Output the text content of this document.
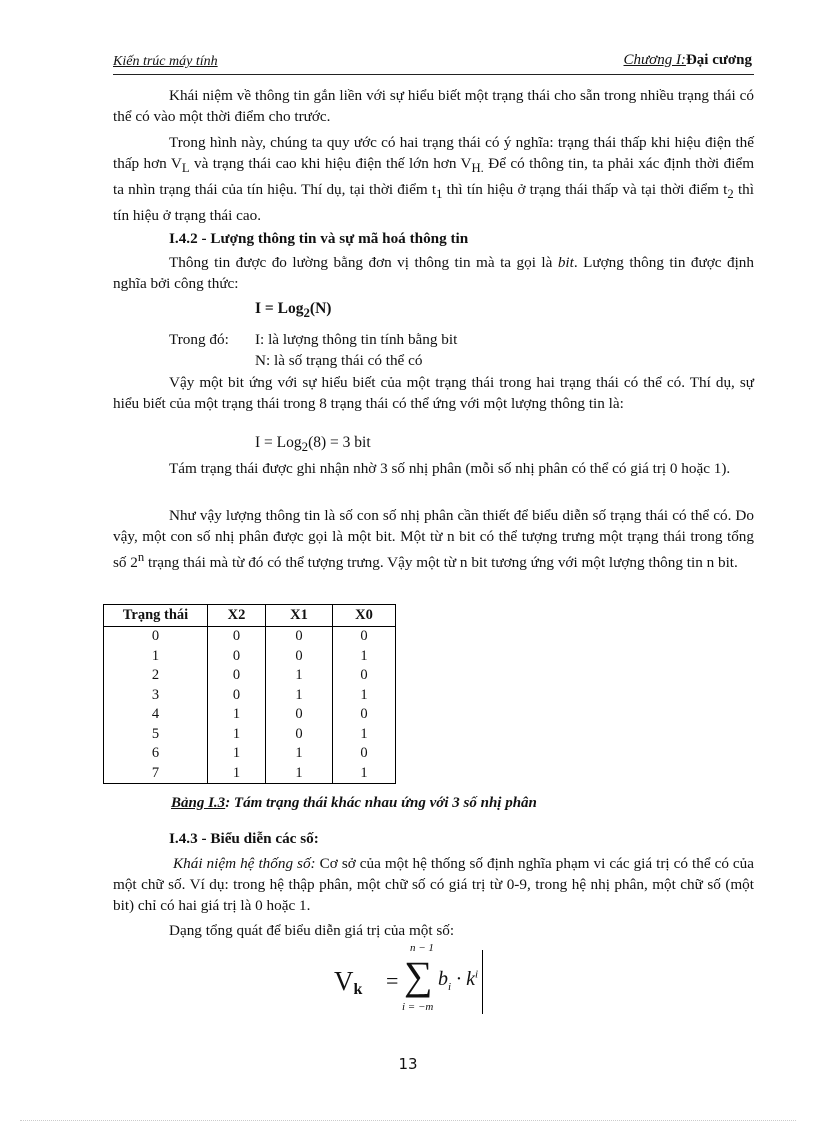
Kiến trúc máy tính	Chương I:Đại cương

Khái niệm về thông tin gắn liền với sự hiểu biết một trạng thái cho sẵn trong nhiều trạng thái có thể có vào một thời điểm cho trước.

Trong hình này, chúng ta quy ước có hai trạng thái có ý nghĩa: trạng thái thấp khi hiệu điện thế thấp hơn $V_L$ và trạng thái cao khi hiệu điện thế lớn hơn $V_{H.}$ Để có thông tin, ta phải xác định thời điểm ta nhìn trạng thái của tín hiệu. Thí dụ, tại thời điểm $t_1$ thì tín hiệu ở trạng thái thấp và tại thời điểm $t_2$ thì tín hiệu ở trạng thái cao.

I.4.2 - Lượng thông tin và sự mã hoá thông tin

Thông tin được đo lường bằng đơn vị thông tin mà ta gọi là bit. Lượng thông tin được định nghĩa bởi công thức:

I = Log$_2$(N)

Trong đó: I: là lượng thông tin tính bằng bit
N: là số trạng thái có thể có

Vậy một bit ứng với sự hiểu biết của một trạng thái trong hai trạng thái có thể có. Thí dụ, sự hiểu biết của một trạng thái trong 8 trạng thái có thể ứng với một lượng thông tin là:

I = Log$_2$(8) = 3 bit

Tám trạng thái được ghi nhận nhờ 3 số nhị phân (mỗi số nhị phân có thể có giá trị 0 hoặc 1).

Như vậy lượng thông tin là số con số nhị phân cần thiết để biểu diễn số trạng thái có thể có. Do vậy, một con số nhị phân được gọi là một bit. Một từ n bit có thể tượng trưng một trạng thái trong tổng số 2$^n$ trạng thái mà từ đó có thể tượng trưng. Vậy một từ n bit tương ứng với một lượng thông tin n bit.

Trạng thái	X2	X1	X0
0	0	0	0
1	0	0	1
2	0	1	0
3	0	1	1
4	1	0	0
5	1	0	1
6	1	1	0
7	1	1	1
Bảng I.3: Tám trạng thái khác nhau ứng với 3 số nhị phân

I.4.3 - Biểu diễn các số:

Khái niệm hệ thống số: Cơ sở của một hệ thống số định nghĩa phạm vi các giá trị có thể có của một chữ số. Ví dụ: trong hệ thập phân, một chữ số có giá trị từ 0-9, trong hệ nhị phân, một chữ số (một bit) chỉ có hai giá trị là 0 hoặc 1.

Dạng tổng quát để biểu diễn giá trị của một số:

$V_k$ =
n − 1
∑
i = −m
$b_i \cdot k^i$
13
